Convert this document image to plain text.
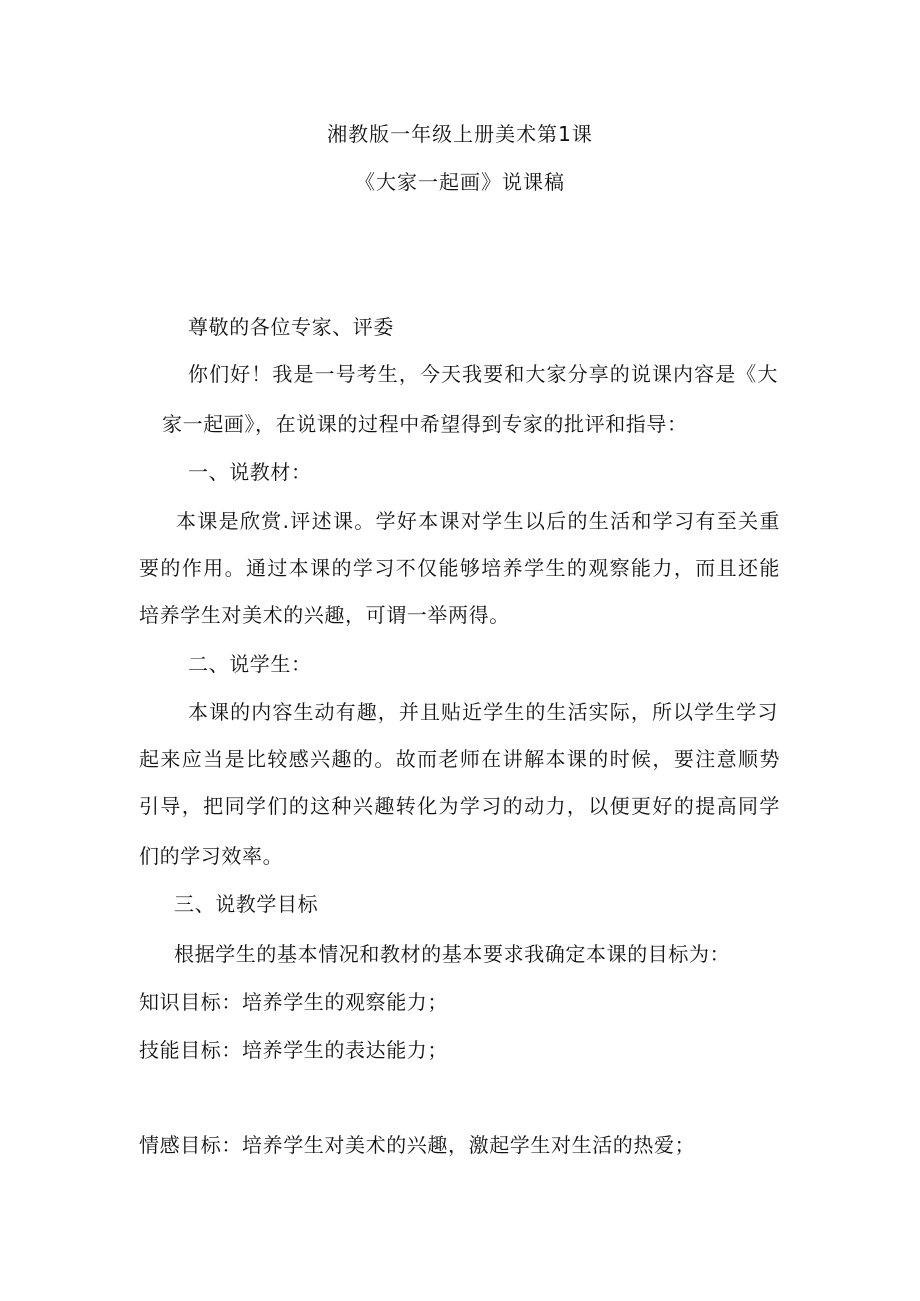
湘教版一年级上册美术第1课
《大家一起画》说课稿
尊敬的各位专家、评委
你们好！我是一号考生，今天我要和大家分享的说课内容是《大
家一起画》，在说课的过程中希望得到专家的批评和指导：
一、说教材：
本课是欣赏.评述课。学好本课对学生以后的生活和学习有至关重
要的作用。通过本课的学习不仅能够培养学生的观察能力，而且还能
培养学生对美术的兴趣，可谓一举两得。
二、说学生：
本课的内容生动有趣，并且贴近学生的生活实际，所以学生学习
起来应当是比较感兴趣的。故而老师在讲解本课的时候，要注意顺势
引导，把同学们的这种兴趣转化为学习的动力，以便更好的提高同学
们的学习效率。
三、说教学目标
根据学生的基本情况和教材的基本要求我确定本课的目标为：
知识目标：培养学生的观察能力；
技能目标：培养学生的表达能力；
情感目标：培养学生对美术的兴趣，激起学生对生活的热爱；
